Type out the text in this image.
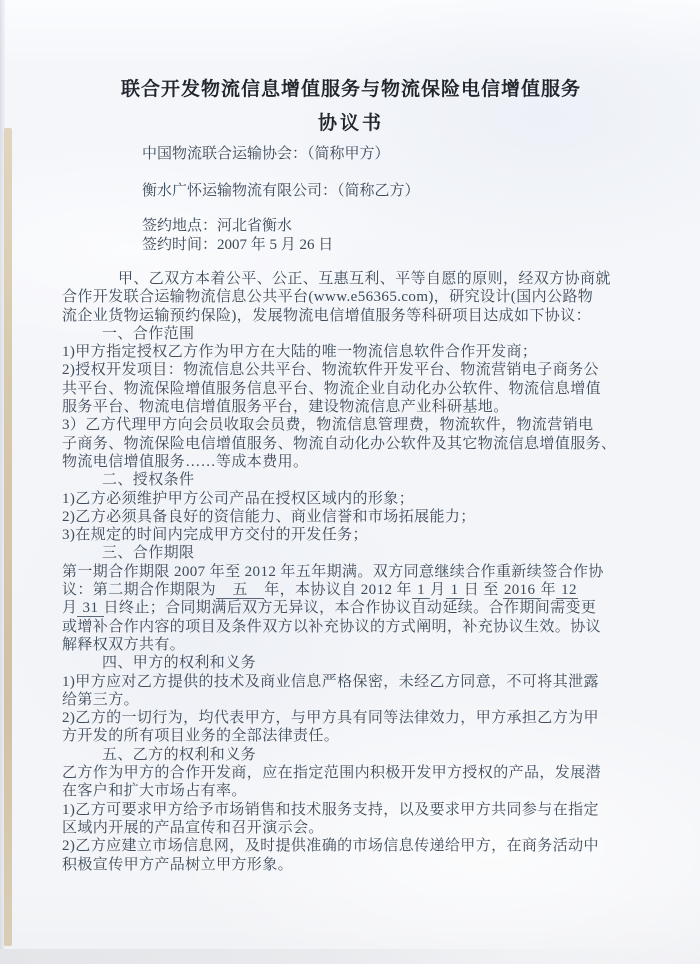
联合开发物流信息增值服务与物流保险电信增值服务
协议书
中国物流联合运输协会：（简称甲方）
衡水广怀运输物流有限公司：（简称乙方）
签约地点：河北省衡水
签约时间：2007 年 5 月 26 日
甲、乙双方本着公平、公正、互惠互利、平等自愿的原则，经双方协商就
合作开发联合运输物流信息公共平台(www.e56365.com)，研究设计(国内公路物
流企业货物运输预约保险)，发展物流电信增值服务等科研项目达成如下协议：
一、合作范围
1)甲方指定授权乙方作为甲方在大陆的唯一物流信息软件合作开发商；
2)授权开发项目：物流信息公共平台、物流软件开发平台、物流营销电子商务公
共平台、物流保险增值服务信息平台、物流企业自动化办公软件、物流信息增值
服务平台、物流电信增值服务平台，建设物流信息产业科研基地。
3）乙方代理甲方向会员收取会员费，物流信息管理费，物流软件，物流营销电
子商务、物流保险电信增值服务、物流自动化办公软件及其它物流信息增值服务、
物流电信增值服务……等成本费用。
二、授权条件
1)乙方必须维护甲方公司产品在授权区域内的形象；
2)乙方必须具备良好的资信能力、商业信誉和市场拓展能力；
3)在规定的时间内完成甲方交付的开发任务；
三、合作期限
第一期合作期限 2007 年至 2012 年五年期满。双方同意继续合作重新续签合作协
议：第二期合作期限为　五　年，本协议自 2012 年 1 月 1 日 至 2016 年 12
月 31 日终止；合同期满后双方无异议，本合作协议自动延续。合作期间需变更
或增补合作内容的项目及条件双方以补充协议的方式阐明，补充协议生效。协议
解释权双方共有。
四、甲方的权利和义务
1)甲方应对乙方提供的技术及商业信息严格保密，未经乙方同意，不可将其泄露
给第三方。
2)乙方的一切行为，均代表甲方，与甲方具有同等法律效力，甲方承担乙方为甲
方开发的所有项目业务的全部法律责任。
五、乙方的权利和义务
乙方作为甲方的合作开发商，应在指定范围内积极开发甲方授权的产品，发展潜
在客户和扩大市场占有率。
1)乙方可要求甲方给予市场销售和技术服务支持，以及要求甲方共同参与在指定
区域内开展的产品宣传和召开演示会。
2)乙方应建立市场信息网，及时提供准确的市场信息传递给甲方，在商务活动中
积极宣传甲方产品树立甲方形象。
